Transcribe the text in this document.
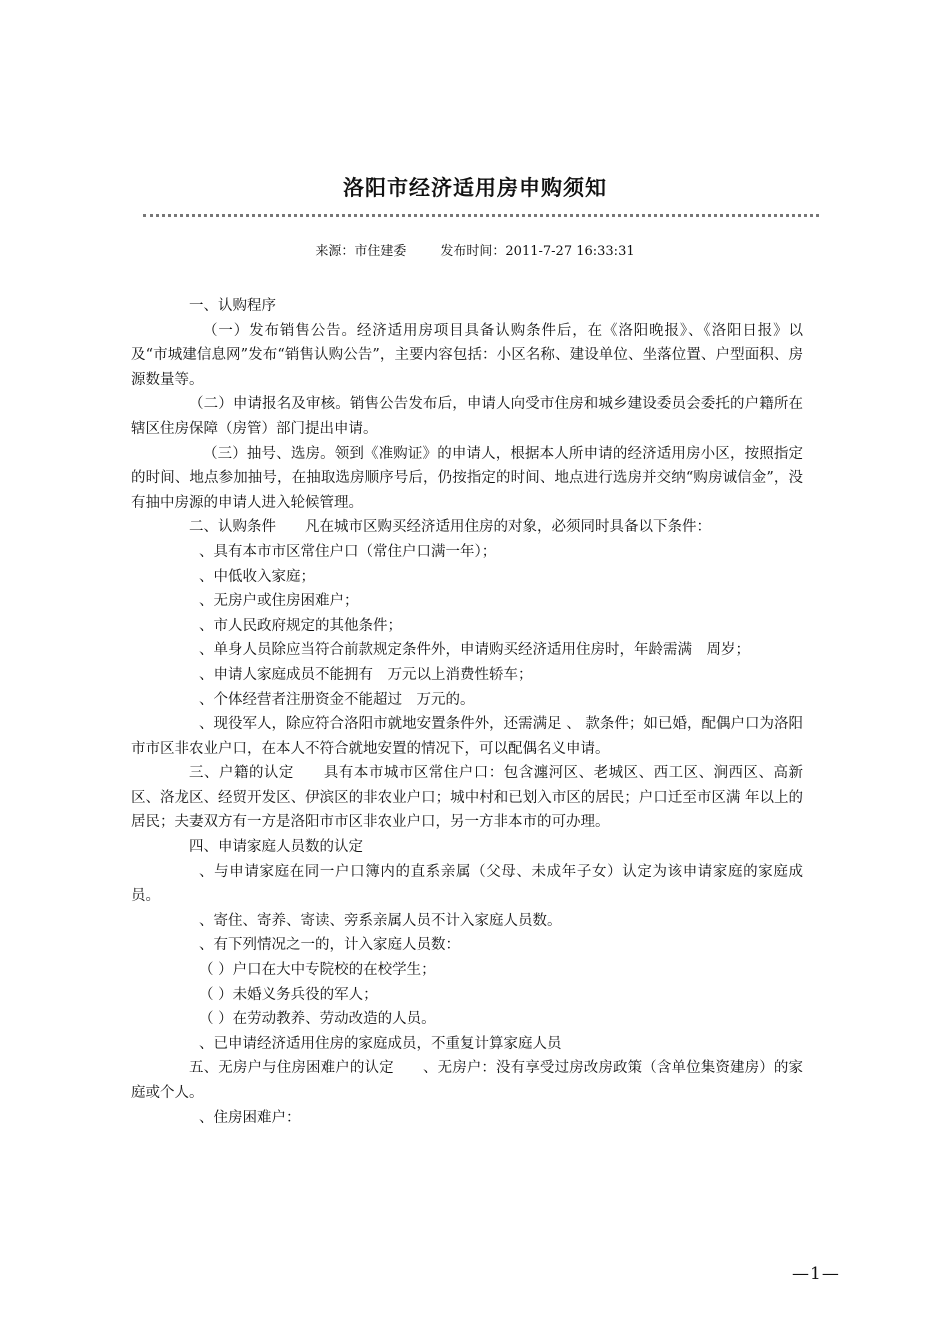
洛阳市经济适用房申购须知
来源：市住建委	发布时间：2011-7-27 16:33:31

一、认购程序

（一）发布销售公告。经济适用房项目具备认购条件后，在《洛阳晚报》、《洛阳日报》以及“市城建信息网”发布“销售认购公告”，主要内容包括：小区名称、建设单位、坐落位置、户型面积、房源数量等。

（二）申请报名及审核。销售公告发布后，申请人向受市住房和城乡建设委员会委托的户籍所在辖区住房保障（房管）部门提出申请。

（三）抽号、选房。领到《准购证》的申请人，根据本人所申请的经济适用房小区，按照指定的时间、地点参加抽号，在抽取选房顺序号后，仍按指定的时间、地点进行选房并交纳“购房诚信金”，没有抽中房源的申请人进入轮候管理。

二、认购条件　　凡在城市区购买经济适用住房的对象，必须同时具备以下条件：

、具有本市市区常住户口（常住户口满一年）；

、中低收入家庭；

、无房户或住房困难户；

、市人民政府规定的其他条件；

、单身人员除应当符合前款规定条件外，申请购买经济适用住房时，年龄需满　周岁；

、申请人家庭成员不能拥有　万元以上消费性轿车；

、个体经营者注册资金不能超过　万元的。

、现役军人，除应符合洛阳市就地安置条件外，还需满足 、 款条件；如已婚，配偶户口为洛阳市市区非农业户口，在本人不符合就地安置的情况下，可以配偶名义申请。

三、户籍的认定　　具有本市城市区常住户口：包含瀍河区、老城区、西工区、涧西区、高新区、洛龙区、经贸开发区、伊滨区的非农业户口；城中村和已划入市区的居民；户口迁至市区满 年以上的居民；夫妻双方有一方是洛阳市市区非农业户口，另一方非本市的可办理。

四、申请家庭人员数的认定

、与申请家庭在同一户口簿内的直系亲属（父母、未成年子女）认定为该申请家庭的家庭成员。

、寄住、寄养、寄读、旁系亲属人员不计入家庭人员数。

、有下列情况之一的，计入家庭人员数：

（ ）户口在大中专院校的在校学生；

（ ）未婚义务兵役的军人；

（ ）在劳动教养、劳动改造的人员。

、已申请经济适用住房的家庭成员，不重复计算家庭人员

五、无房户与住房困难户的认定　　、无房户：没有享受过房改房政策（含单位集资建房）的家庭或个人。

、住房困难户：

—1—
